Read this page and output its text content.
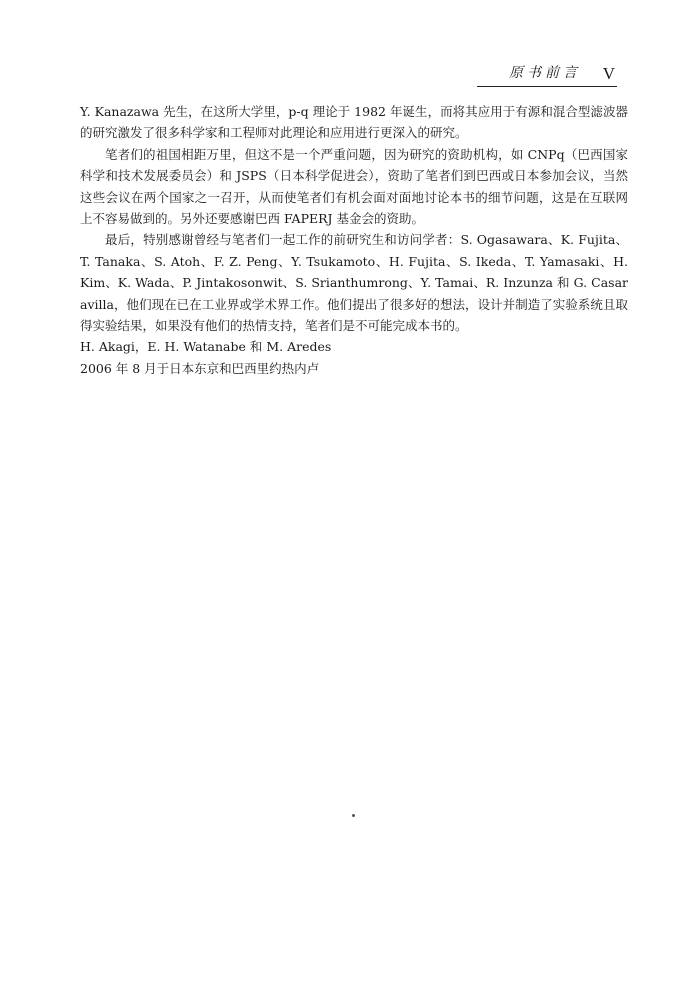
原书前言 V

Y. Kanazawa 先生，在这所大学里，p-q 理论于 1982 年诞生，而将其应用于有源和混合型滤波器的研究激发了很多科学家和工程师对此理论和应用进行更深入的研究。

笔者们的祖国相距万里，但这不是一个严重问题，因为研究的资助机构，如 CNPq（巴西国家科学和技术发展委员会）和 JSPS（日本科学促进会），资助了笔者们到巴西或日本参加会议，当然这些会议在两个国家之一召开，从而使笔者们有机会面对面地讨论本书的细节问题，这是在互联网上不容易做到的。另外还要感谢巴西 FAPERJ 基金会的资助。

最后，特别感谢曾经与笔者们一起工作的前研究生和访问学者：S. Ogasawara、K. Fujita、T. Tanaka、S. Atoh、F. Z. Peng、Y. Tsukamoto、H. Fujita、S. Ikeda、T. Yamasaki、H. Kim、K. Wada、P. Jintakosonwit、S. Srianthumrong、Y. Tamai、R. Inzunza 和 G. Casaravilla，他们现在已在工业界或学术界工作。他们提出了很多好的想法，设计并制造了实验系统且取得实验结果，如果没有他们的热情支持，笔者们是不可能完成本书的。

H. Akagi，E. H. Watanabe 和 M. Aredes

2006 年 8 月于日本东京和巴西里约热内卢
